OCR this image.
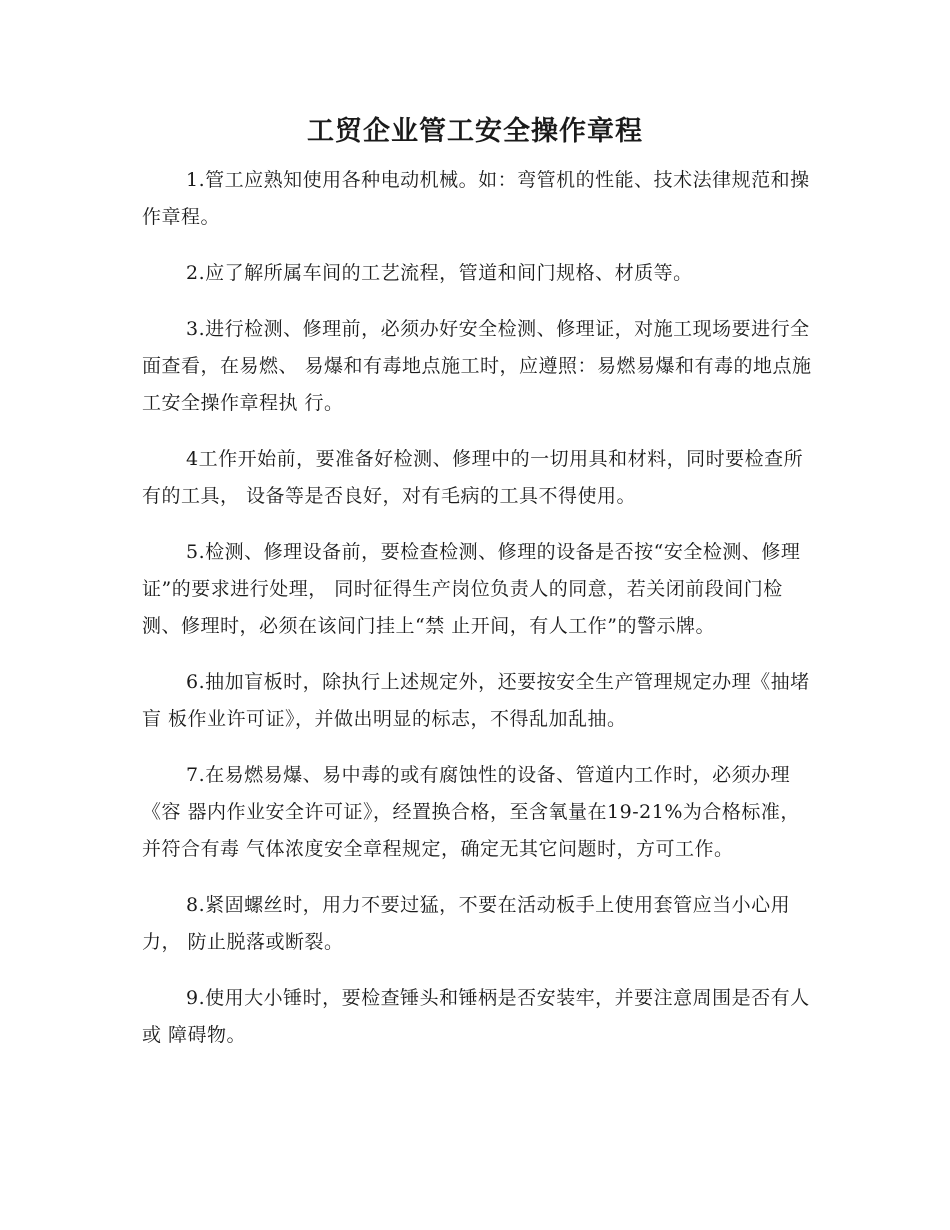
工贸企业管工安全操作章程

1.管工应熟知使用各种电动机械。如：弯管机的性能、技术法律规范和操作章程。

2.应了解所属车间的工艺流程，管道和间门规格、材质等。

3.进行检测、修理前，必须办好安全检测、修理证，对施工现场要进行全面查看，在易燃、 易爆和有毒地点施工时，应遵照：易燃易爆和有毒的地点施工安全操作章程执 行。

4工作开始前，要准备好检测、修理中的一切用具和材料，同时要检查所有的工具， 设备等是否良好，对有毛病的工具不得使用。

5.检测、修理设备前，要检查检测、修理的设备是否按“安全检测、修理证”的要求进行处理， 同时征得生产岗位负责人的同意，若关闭前段间门检测、修理时，必须在该间门挂上“禁 止开间，有人工作”的警示牌。

6.抽加盲板时，除执行上述规定外，还要按安全生产管理规定办理《抽堵盲 板作业许可证》，并做出明显的标志，不得乱加乱抽。

7.在易燃易爆、易中毒的或有腐蚀性的设备、管道内工作时，必须办理《容 器内作业安全许可证》，经置换合格，至含氧量在19-21%为合格标准，并符合有毒 气体浓度安全章程规定，确定无其它问题时，方可工作。

8.紧固螺丝时，用力不要过猛，不要在活动板手上使用套管应当小心用力， 防止脱落或断裂。

9.使用大小锤时，要检查锤头和锤柄是否安装牢，并要注意周围是否有人或 障碍物。
